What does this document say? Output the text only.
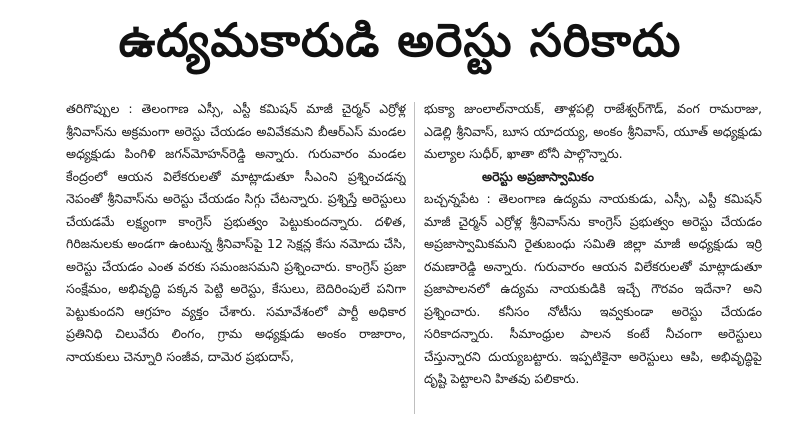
ఉద్యమకారుడి అరెస్టు సరికాదు

తరిగొప్పుల : తెలంగాణ ఎస్సీ, ఎస్టీ కమిషన్ మాజీ చైర్మన్ ఎర్రోళ్ల శ్రీనివాస్‌ను అక్రమంగా అరెస్టు చేయడం అవివేకమని బీఆర్ఎస్ మండల అధ్యక్షుడు పింగిళి జగన్‌మోహన్‌రెడ్డి అన్నారు. గురువారం మండల కేంద్రంలో ఆయన విలేకరులతో మాట్లాడుతూ సీఎంని ప్రశ్నించడన్న నెపంతో శ్రీనివాస్‌ను అరెస్టు చేయడం సిగ్గు చేటన్నారు. ప్రశ్నిస్తే అరెస్టులు చేయడమే లక్ష్యంగా కాంగ్రెస్ ప్రభుత్వం పెట్టుకుందన్నారు. దళిత, గిరిజనులకు అండగా ఉంటున్న శ్రీనివాస్‌పై 12 సెక్షన్ల కేసు నమోదు చేసి, అరెస్టు చేయడం ఎంత వరకు సమంజసమని ప్రశ్నించారు. కాంగ్రెస్ ప్రజా సంక్షేమం, అభివృద్ధి పక్కన పెట్టి అరెస్టు, కేసులు, బెదిరింపులే పనిగా పెట్టుకుందని ఆగ్రహం వ్యక్తం చేశారు. సమావేశంలో పార్టీ అధికార ప్రతినిధి చిలువేరు లింగం, గ్రామ అధ్యక్షుడు అంకం రాజారాం, నాయకులు చెన్నూరి సంజీవ, దామెర ప్రభుదాస్,

భుక్యా జుంలాల్‌నాయక్, తాళ్లపల్లి రాజేశ్వర్‌గౌడ్, వంగ రామరాజు, ఎడెల్లి శ్రీనివాస్, బూస యాదయ్య, అంకం శ్రీనివాస్, యూత్ అధ్యక్షుడు మల్యాల సుధీర్, ఖాతా టోనీ పాల్గొన్నారు.

అరెస్టు అప్రజాస్వామికం

బచ్చన్నపేట : తెలంగాణ ఉద్యమ నాయకుడు, ఎస్సీ, ఎస్టీ కమిషన్ మాజీ చైర్మన్ ఎర్రోళ్ల శ్రీనివాస్‌ను కాంగ్రెస్ ప్రభుత్వం అరెస్టు చేయడం అప్రజాస్వామికమని రైతుబంధు సమితి జిల్లా మాజీ అధ్యక్షుడు ఇర్రి రమణారెడ్డి అన్నారు. గురువారం ఆయన విలేకరులతో మాట్లాడుతూ ప్రజాపాలనలో ఉద్యమ నాయకుడికి ఇచ్చే గౌరవం ఇదేనా? అని ప్రశ్నించారు. కనీసం నోటీసు ఇవ్వకుండా అరెస్టు చేయడం సరికాదన్నారు. సీమాంధ్రుల పాలన కంటే నీచంగా అరెస్టులు చేస్తున్నారని దుయ్యబట్టారు. ఇప్పటికైనా అరెస్టులు ఆపి, అభివృద్ధిపై దృష్టి పెట్టాలని హితవు పలికారు.
